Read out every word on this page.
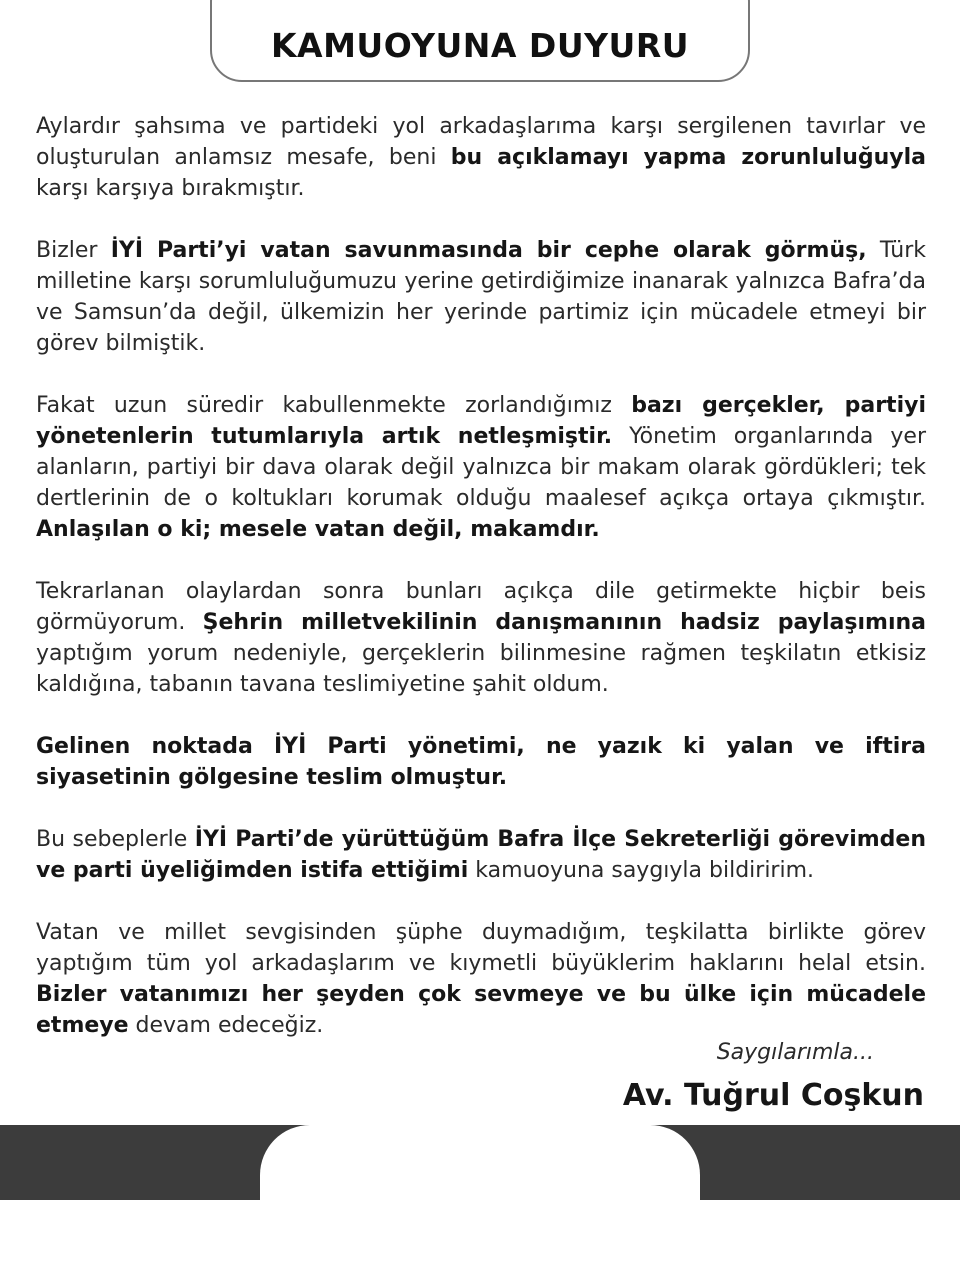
KAMUOYUNA DUYURU

Aylardır şahsıma ve partideki yol arkadaşlarıma karşı sergilenen tavırlar ve oluşturulan anlamsız mesafe, beni bu açıklamayı yapma zorunluluğuyla karşı karşıya bırakmıştır.

Bizler İYİ Parti’yi vatan savunmasında bir cephe olarak görmüş, Türk milletine karşı sorumluluğumuzu yerine getirdiğimize inanarak yalnızca Bafra’da ve Samsun’da değil, ülkemizin her yerinde partimiz için mücadele etmeyi bir görev bilmiştik.

Fakat uzun süredir kabullenmekte zorlandığımız bazı gerçekler, partiyi yönetenlerin tutumlarıyla artık netleşmiştir. Yönetim organlarında yer alanların, partiyi bir dava olarak değil yalnızca bir makam olarak gördükleri; tek dertlerinin de o koltukları korumak olduğu maalesef açıkça ortaya çıkmıştır. Anlaşılan o ki; mesele vatan değil, makamdır.

Tekrarlanan olaylardan sonra bunları açıkça dile getirmekte hiçbir beis görmüyorum. Şehrin milletvekilinin danışmanının hadsiz paylaşımına yaptığım yorum nedeniyle, gerçeklerin bilinmesine rağmen teşkilatın etkisiz kaldığına, tabanın tavana teslimiyetine şahit oldum.

Gelinen noktada İYİ Parti yönetimi, ne yazık ki yalan ve iftira siyasetinin gölgesine teslim olmuştur.

Bu sebeplerle İYİ Parti’de yürüttüğüm Bafra İlçe Sekreterliği görevimden ve parti üyeliğimden istifa ettiğimi kamuoyuna saygıyla bildiririm.

Vatan ve millet sevgisinden şüphe duymadığım, teşkilatta birlikte görev yaptığım tüm yol arkadaşlarım ve kıymetli büyüklerim haklarını helal etsin. Bizler vatanımızı her şeyden çok sevmeye ve bu ülke için mücadele etmeye devam edeceğiz.

Saygılarımla...
Av. Tuğrul Coşkun
